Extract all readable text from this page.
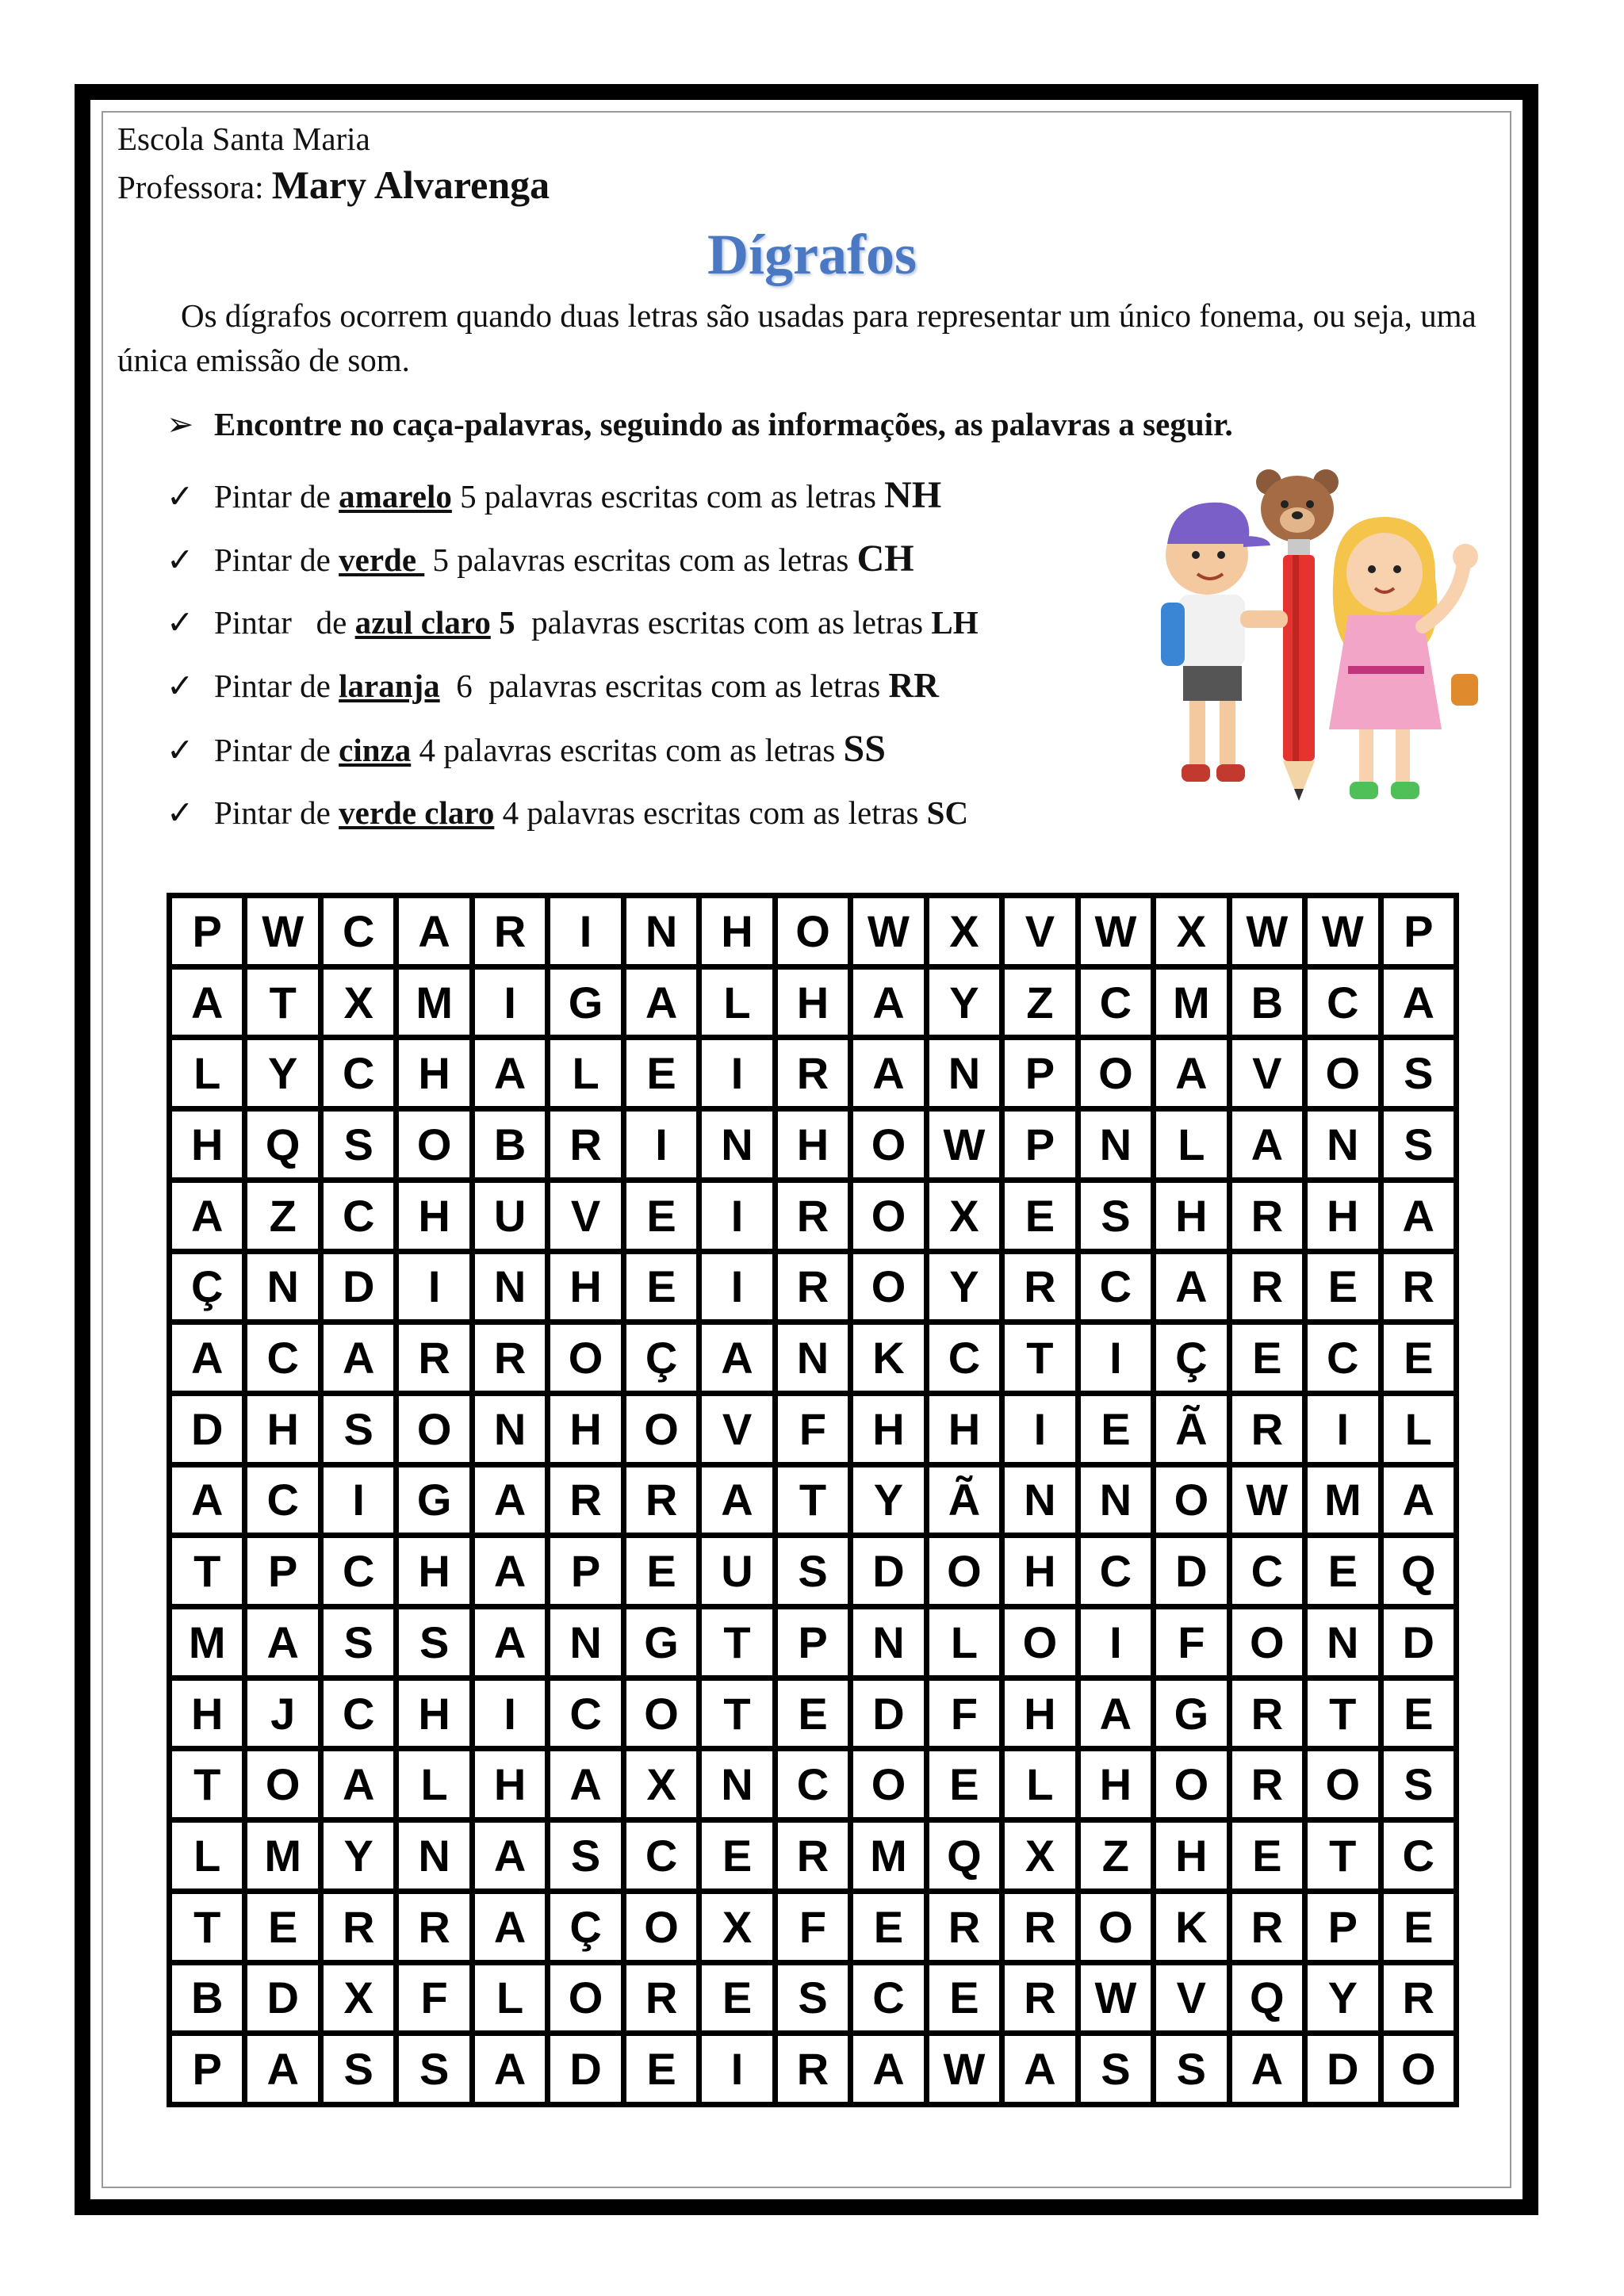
Escola Santa Maria
Professora: Mary Alvarenga
Dígrafos
Os dígrafos ocorrem quando duas letras são usadas para representar um único fonema, ou seja, uma única emissão de som.
➢ Encontre no caça-palavras, seguindo as informações, as palavras a seguir.
✓ Pintar de amarelo 5 palavras escritas com as letras NH
✓ Pintar de verde  5 palavras escritas com as letras CH
✓ Pintar   de azul claro 5  palavras escritas com as letras LH
✓ Pintar de laranja  6  palavras escritas com as letras RR
✓ Pintar de cinza 4 palavras escritas com as letras SS
✓ Pintar de verde claro 4 palavras escritas com as letras SC
P W C A R	I	N H O W X	V W X W W P
A	T	X M	I	G A	L	H A	Y	Z	C M B C A
L	Y	C H A	L	E	I	R A N	P O A	V O S
H Q S O B R	I	N H O W P	N	L	A N	S
A	Z	C H U	V	E	I	R O X	E	S	H R H A
Ç N D	I	N H	E	I	R O Y	R C A R	E	R
A C A R R O Ç A N K C	T	I	Ç	E	C	E
D H	S O N H O V	F	H H	I	E	Ã R	I	L
A C	I	G A R R A	T	Y	Ã N N O W M A
T	P	C H A	P	E	U	S	D O H C D C	E Q
M A	S	S	A N G	T	P	N	L	O	I	F	O N D
H	J	C H	I	C O	T	E	D	F	H A G R	T	E
T	O A	L	H A	X	N C O E	L	H O R O S
L M Y	N A	S	C	E	R M Q X	Z	H	E	T	C
T	E	R R A Ç O X	F	E	R R O K R	P	E
B D	X	F	L	O R	E	S	C	E	R W V Q Y	R
P	A	S	S	A D	E	I	R A W A	S	S	A D O
